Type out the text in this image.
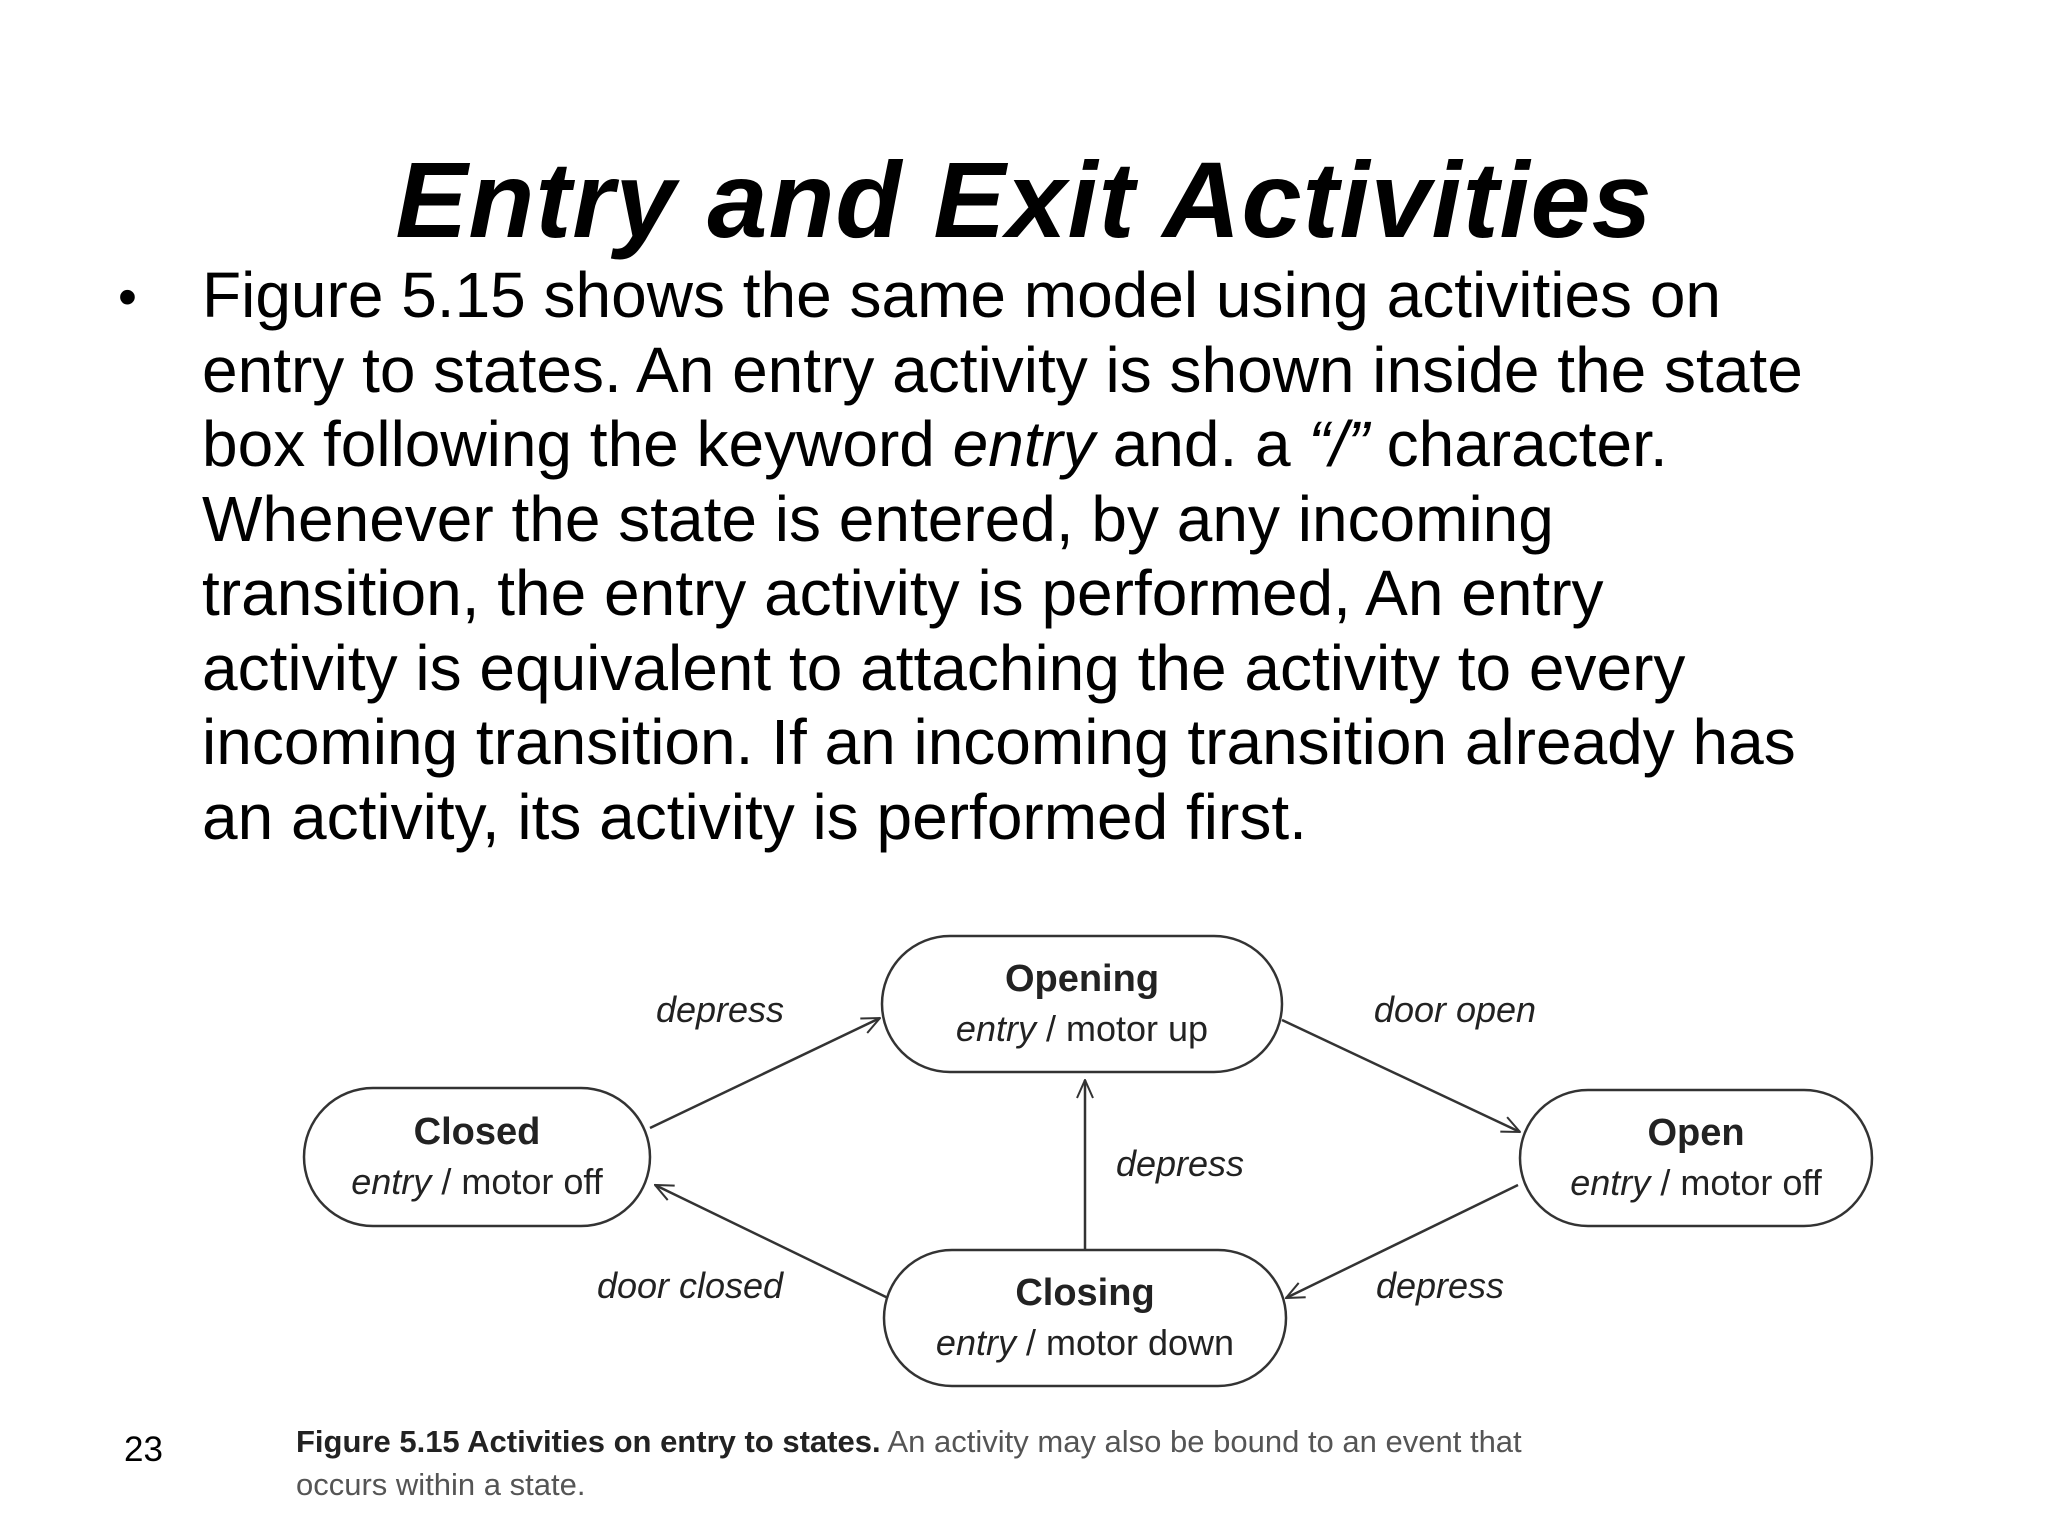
Entry and Exit Activities
• Figure 5.15 shows the same model using activities on
entry to states. An entry activity is shown inside the state
box following the keyword entry and. a “/” character.
Whenever the state is entered, by any incoming
transition, the entry activity is performed, An entry
activity is equivalent to attaching the activity to every
incoming transition. If an incoming transition already has
an activity, its activity is performed first.
Closed
entry / motor off
Opening
entry / motor up
Open
entry / motor off
Closing
entry / motor down
depress	door open
depress
door closed	depress
Figure 5.15 Activities on entry to states. An activity may also be bound to an event that
occurs within a state.
23
